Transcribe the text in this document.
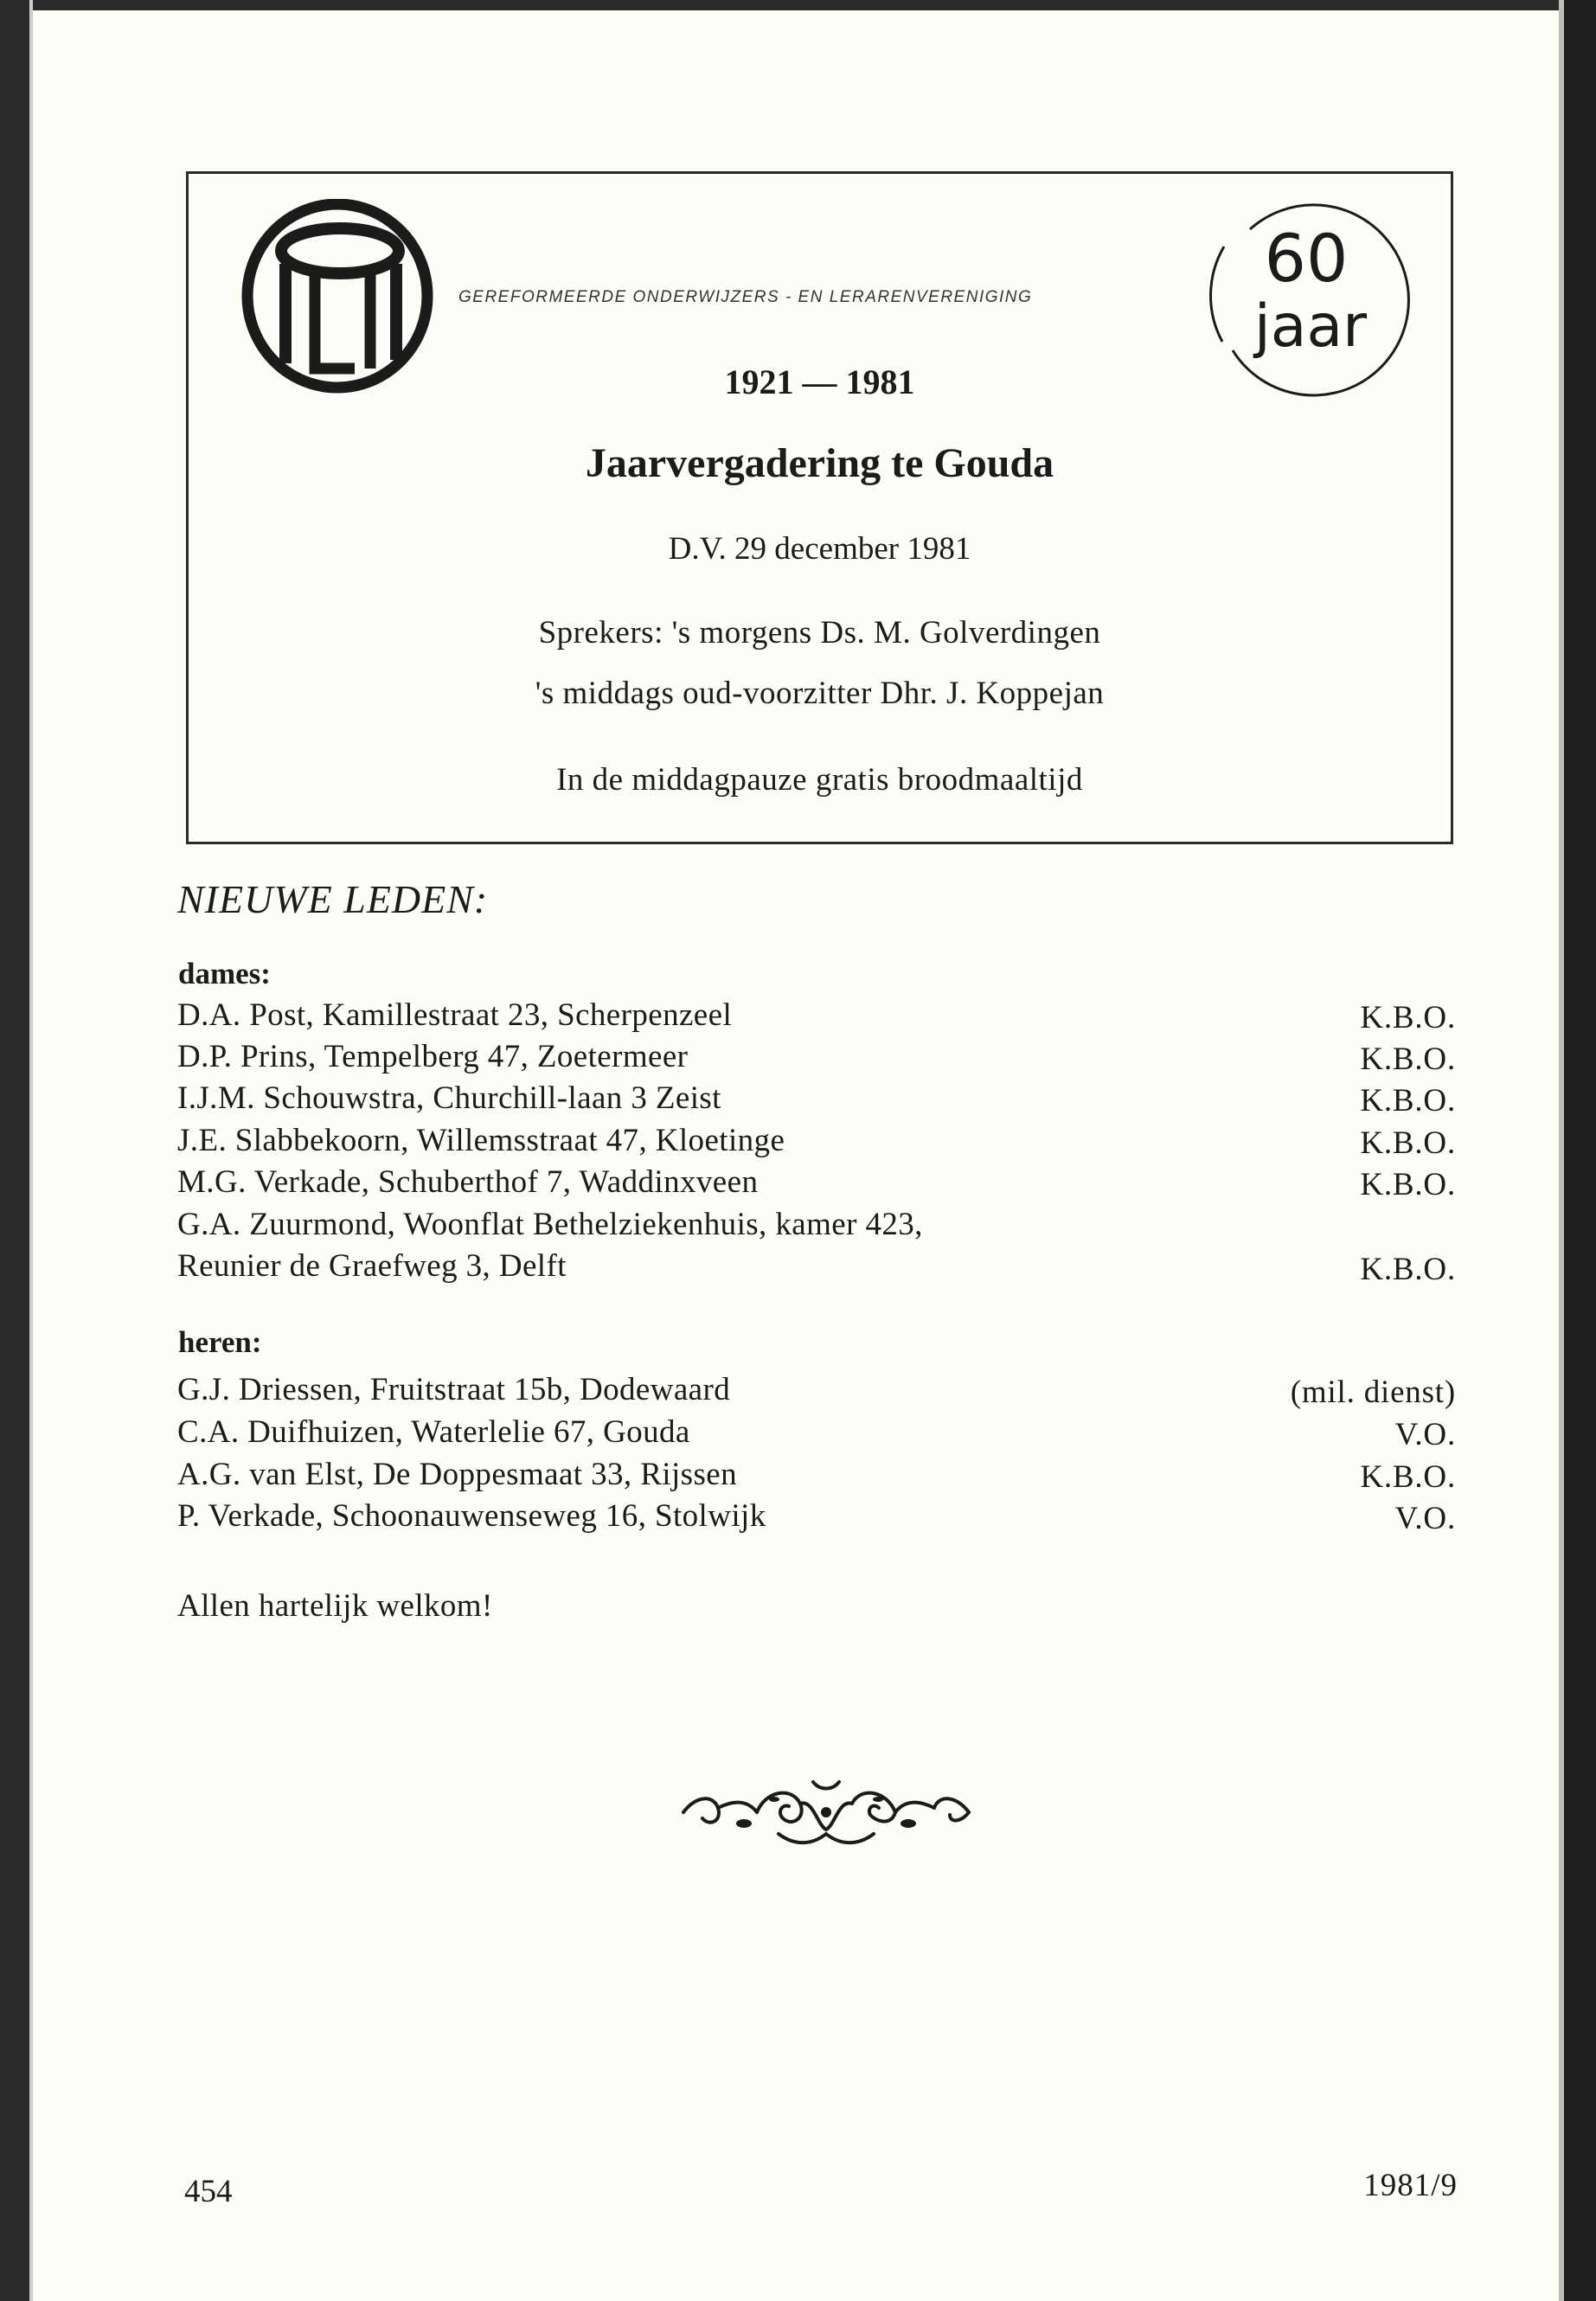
GOLV
60
jaar
GEREFORMEERDE ONDERWIJZERS - EN LERARENVERENIGING
1921 — 1981
Jaarvergadering te Gouda
D.V. 29 december 1981
Sprekers: 's morgens Ds. M. Golverdingen
's middags oud-voorzitter Dhr. J. Koppejan
In de middagpauze gratis broodmaaltijd
NIEUWE LEDEN:
dames:
D.A. Post, Kamillestraat 23, Scherpenzeel	K.B.O.
D.P. Prins, Tempelberg 47, Zoetermeer	K.B.O.
I.J.M. Schouwstra, Churchill-laan 3 Zeist	K.B.O.
J.E. Slabbekoorn, Willemsstraat 47, Kloetinge	K.B.O.
M.G. Verkade, Schuberthof 7, Waddinxveen	K.B.O.
G.A. Zuurmond, Woonflat Bethelziekenhuis, kamer 423,
Reunier de Graefweg 3, Delft	K.B.O.
heren:
G.J. Driessen, Fruitstraat 15b, Dodewaard	(mil. dienst)
C.A. Duifhuizen, Waterlelie 67, Gouda	V.O.
A.G. van Elst, De Doppesmaat 33, Rijssen	K.B.O.
P. Verkade, Schoonauwenseweg 16, Stolwijk	V.O.
Allen hartelijk welkom!
454	1981/9
